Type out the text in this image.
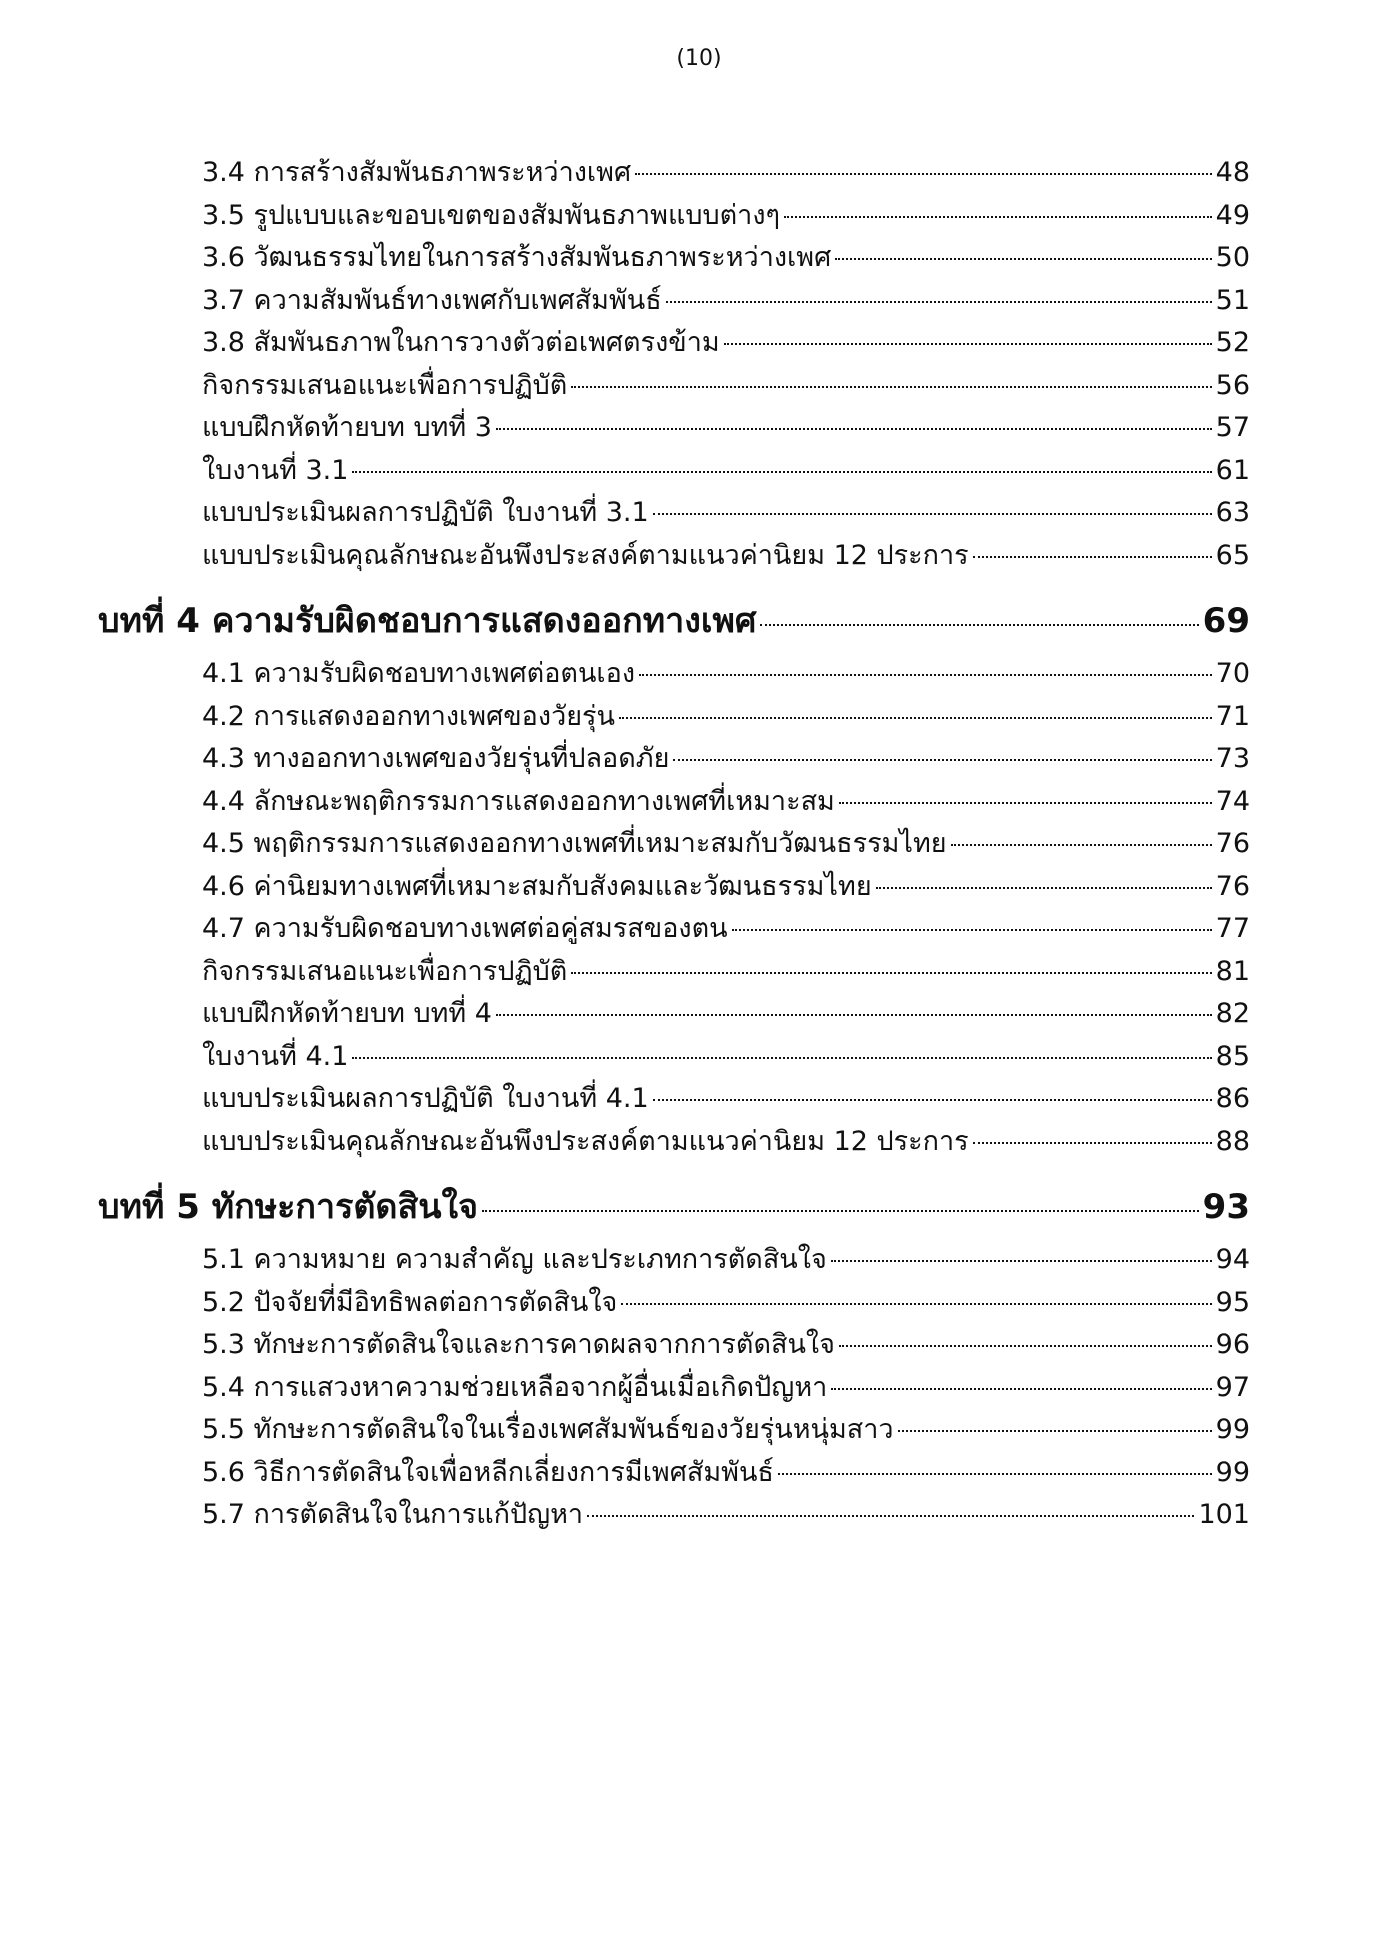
(10)
3.4 การสร้างสัมพันธภาพระหว่างเพศ	48
3.5 รูปแบบและขอบเขตของสัมพันธภาพแบบต่างๆ	49
3.6 วัฒนธรรมไทยในการสร้างสัมพันธภาพระหว่างเพศ	50
3.7 ความสัมพันธ์ทางเพศกับเพศสัมพันธ์	51
3.8 สัมพันธภาพในการวางตัวต่อเพศตรงข้าม	52
กิจกรรมเสนอแนะเพื่อการปฏิบัติ	56
แบบฝึกหัดท้ายบท บทที่ 3	57
ใบงานที่ 3.1	61
แบบประเมินผลการปฏิบัติ ใบงานที่ 3.1	63
แบบประเมินคุณลักษณะอันพึงประสงค์ตามแนวค่านิยม 12 ประการ	65
บทที่ 4 ความรับผิดชอบการแสดงออกทางเพศ	69
4.1 ความรับผิดชอบทางเพศต่อตนเอง	70
4.2 การแสดงออกทางเพศของวัยรุ่น	71
4.3 ทางออกทางเพศของวัยรุ่นที่ปลอดภัย	73
4.4 ลักษณะพฤติกรรมการแสดงออกทางเพศที่เหมาะสม	74
4.5 พฤติกรรมการแสดงออกทางเพศที่เหมาะสมกับวัฒนธรรมไทย	76
4.6 ค่านิยมทางเพศที่เหมาะสมกับสังคมและวัฒนธรรมไทย	76
4.7 ความรับผิดชอบทางเพศต่อคู่สมรสของตน	77
กิจกรรมเสนอแนะเพื่อการปฏิบัติ	81
แบบฝึกหัดท้ายบท บทที่ 4	82
ใบงานที่ 4.1	85
แบบประเมินผลการปฏิบัติ ใบงานที่ 4.1	86
แบบประเมินคุณลักษณะอันพึงประสงค์ตามแนวค่านิยม 12 ประการ	88
บทที่ 5 ทักษะการตัดสินใจ	93
5.1 ความหมาย ความสำคัญ และประเภทการตัดสินใจ	94
5.2 ปัจจัยที่มีอิทธิพลต่อการตัดสินใจ	95
5.3 ทักษะการตัดสินใจและการคาดผลจากการตัดสินใจ	96
5.4 การแสวงหาความช่วยเหลือจากผู้อื่นเมื่อเกิดปัญหา	97
5.5 ทักษะการตัดสินใจในเรื่องเพศสัมพันธ์ของวัยรุ่นหนุ่มสาว	99
5.6 วิธีการตัดสินใจเพื่อหลีกเลี่ยงการมีเพศสัมพันธ์	99
5.7 การตัดสินใจในการแก้ปัญหา	101
